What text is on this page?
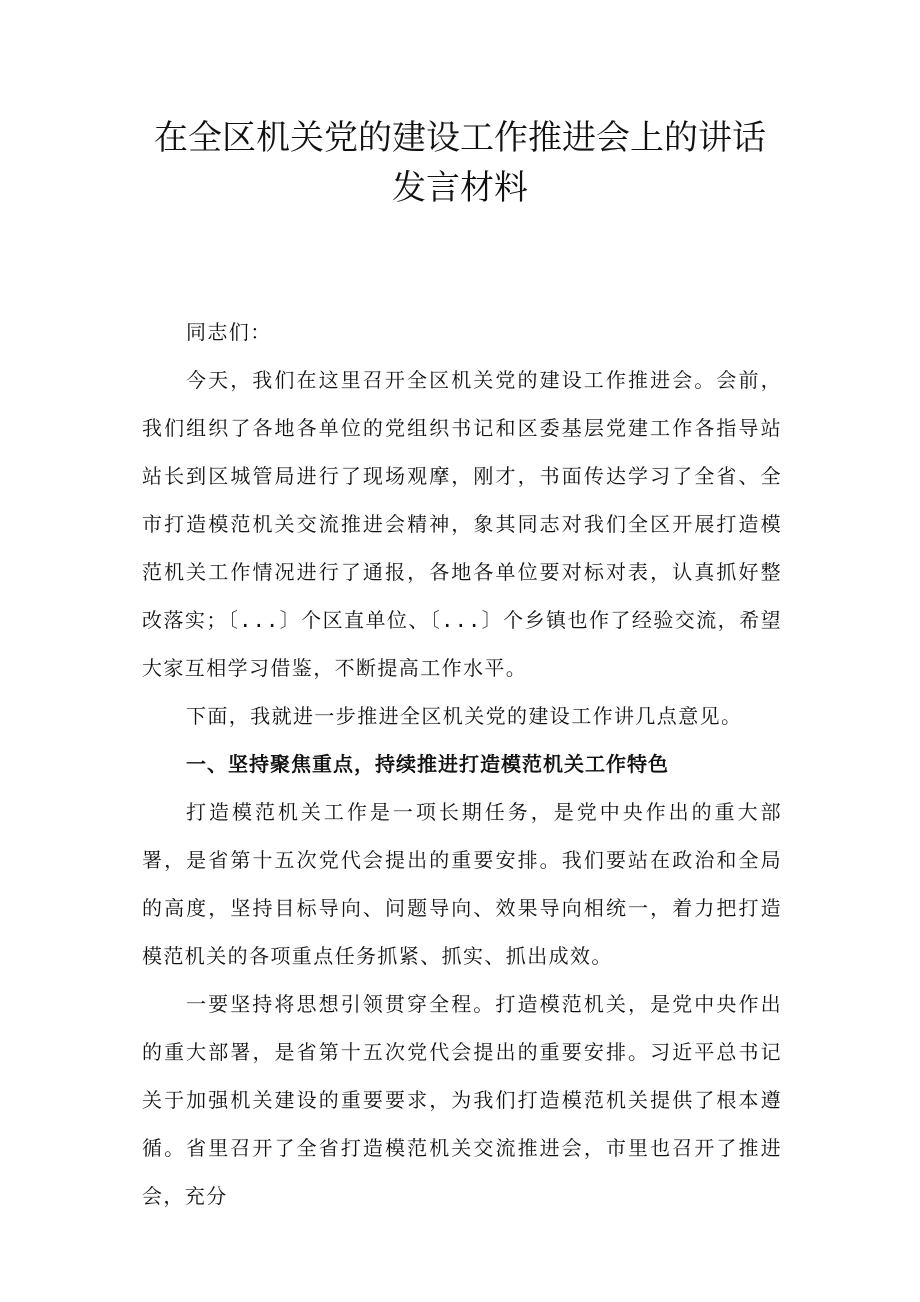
在全区机关党的建设工作推进会上的讲话
发言材料

同志们：

今天，我们在这里召开全区机关党的建设工作推进会。会前，我们组织了各地各单位的党组织书记和区委基层党建工作各指导站站长到区城管局进行了现场观摩，刚才，书面传达学习了全省、全市打造模范机关交流推进会精神，象其同志对我们全区开展打造模范机关工作情况进行了通报，各地各单位要对标对表，认真抓好整改落实；〔...〕个区直单位、〔...〕个乡镇也作了经验交流，希望大家互相学习借鉴，不断提高工作水平。

下面，我就进一步推进全区机关党的建设工作讲几点意见。

一、坚持聚焦重点，持续推进打造模范机关工作特色

打造模范机关工作是一项长期任务，是党中央作出的重大部署，是省第十五次党代会提出的重要安排。我们要站在政治和全局的高度，坚持目标导向、问题导向、效果导向相统一，着力把打造模范机关的各项重点任务抓紧、抓实、抓出成效。

一要坚持将思想引领贯穿全程。打造模范机关，是党中央作出的重大部署，是省第十五次党代会提出的重要安排。习近平总书记关于加强机关建设的重要要求，为我们打造模范机关提供了根本遵循。省里召开了全省打造模范机关交流推进会，市里也召开了推进会，充分
